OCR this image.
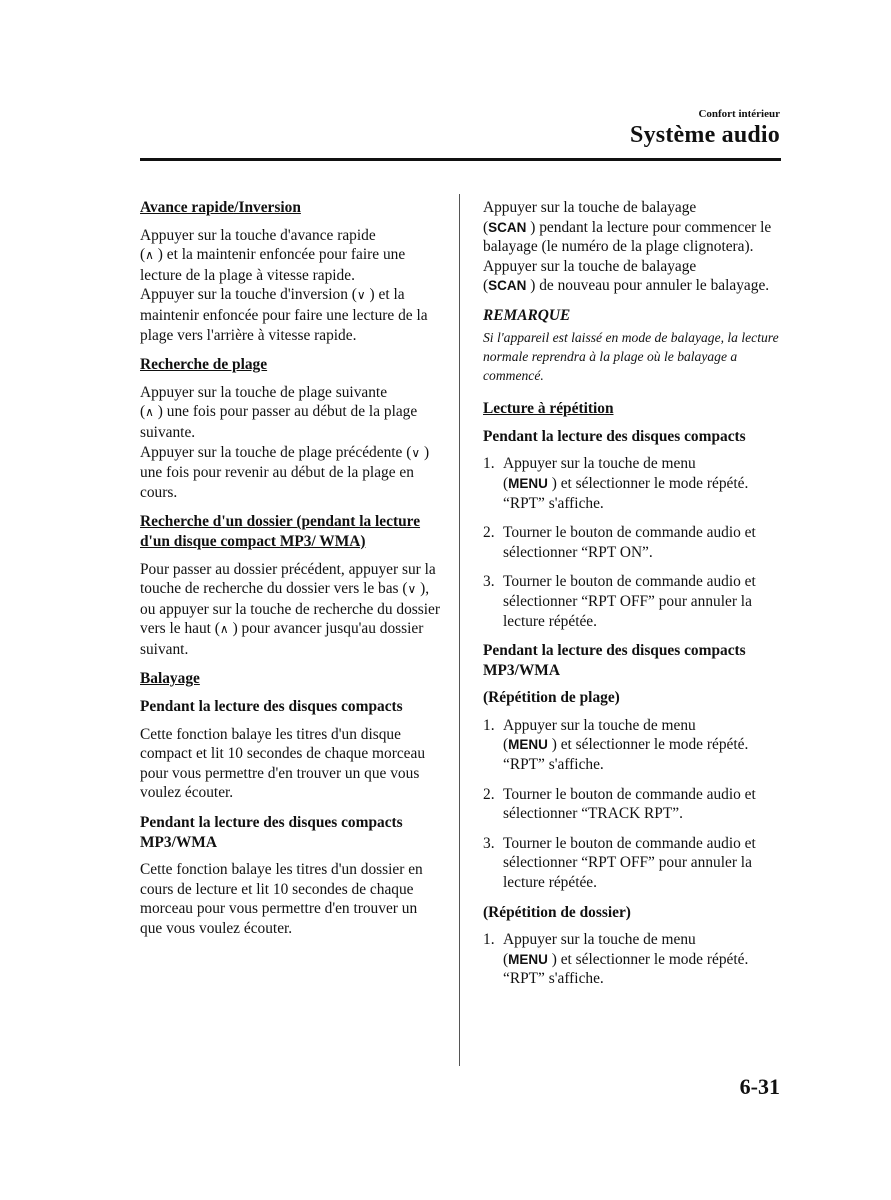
Confort intérieur
Système audio
Avance rapide/Inversion

Appuyer sur la touche d'avance rapide
(∧ ) et la maintenir enfoncée pour faire une lecture de la plage à vitesse rapide.
Appuyer sur la touche d'inversion (∨ ) et la maintenir enfoncée pour faire une lecture de la plage vers l'arrière à vitesse rapide.

Recherche de plage

Appuyer sur la touche de plage suivante
(∧ ) une fois pour passer au début de la plage suivante.
Appuyer sur la touche de plage précédente (∨ ) une fois pour revenir au début de la plage en cours.

Recherche d'un dossier (pendant la lecture d'un disque compact MP3/ WMA)

Pour passer au dossier précédent, appuyer sur la touche de recherche du dossier vers le bas (∨ ), ou appuyer sur la touche de recherche du dossier vers le haut (∧ ) pour avancer jusqu'au dossier suivant.

Balayage
Pendant la lecture des disques compacts

Cette fonction balaye les titres d'un disque compact et lit 10 secondes de chaque morceau pour vous permettre d'en trouver un que vous voulez écouter.

Pendant la lecture des disques compacts MP3/WMA

Cette fonction balaye les titres d'un dossier en cours de lecture et lit 10 secondes de chaque morceau pour vous permettre d'en trouver un que vous voulez écouter.

Appuyer sur la touche de balayage
(SCAN ) pendant la lecture pour commencer le balayage (le numéro de la plage clignotera).
Appuyer sur la touche de balayage
(SCAN ) de nouveau pour annuler le balayage.

REMARQUE
Si l'appareil est laissé en mode de balayage, la lecture normale reprendra à la plage où le balayage a commencé.
Lecture à répétition
Pendant la lecture des disques compacts
1. Appuyer sur la touche de menu
(MENU ) et sélectionner le mode répété. “RPT” s'affiche.
2. Tourner le bouton de commande audio et sélectionner “RPT ON”.
3. Tourner le bouton de commande audio et sélectionner “RPT OFF” pour annuler la lecture répétée.
Pendant la lecture des disques compacts MP3/WMA
(Répétition de plage)
1. Appuyer sur la touche de menu
(MENU ) et sélectionner le mode répété. “RPT” s'affiche.
2. Tourner le bouton de commande audio et sélectionner “TRACK RPT”.
3. Tourner le bouton de commande audio et sélectionner “RPT OFF” pour annuler la lecture répétée.
(Répétition de dossier)
1. Appuyer sur la touche de menu
(MENU ) et sélectionner le mode répété. “RPT” s'affiche.
6-31
